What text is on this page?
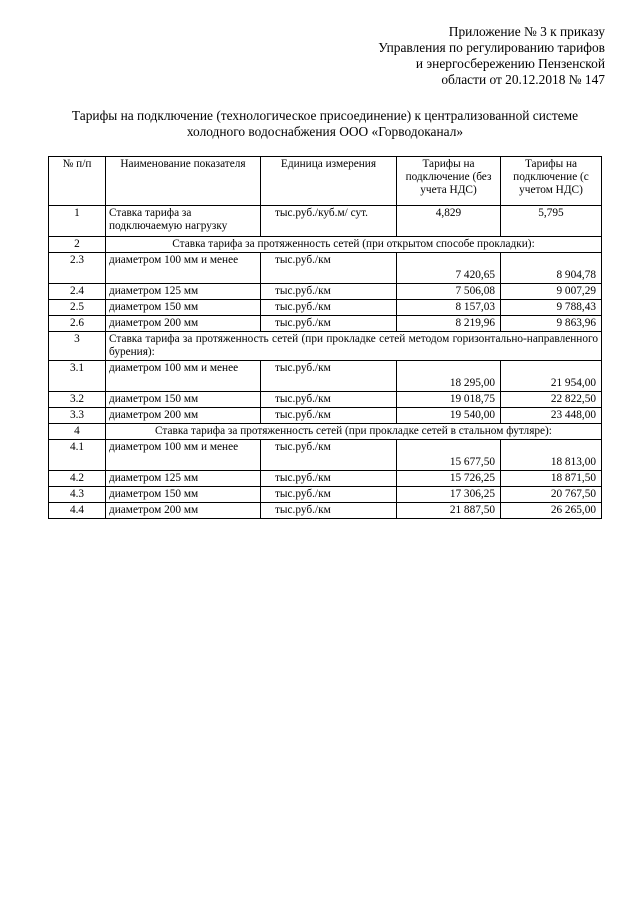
Приложение № 3 к приказу
Управления по регулированию тарифов
и энергосбережению Пензенской
области от 20.12.2018 № 147
Тарифы на подключение (технологическое присоединение) к централизованной системе
холодного водоснабжения ООО «Горводоканал»
№ п/п	Наименование показателя	Единица измерения	Тарифы на подключение (без учета НДС)	Тарифы на подключение (с учетом НДС)
1	Ставка тарифа за подключаемую нагрузку	тыс.руб./куб.м/ сут.	4,829	5,795
2	Ставка тарифа за протяженность сетей (при открытом способе прокладки):			
2.3	диаметром 100 мм и менее	тыс.руб./км	7 420,65	8 904,78
2.4	диаметром 125 мм	тыс.руб./км	7 506,08	9 007,29
2.5	диаметром 150 мм	тыс.руб./км	8 157,03	9 788,43
2.6	диаметром 200 мм	тыс.руб./км	8 219,96	9 863,96
3	Ставка тарифа за протяженность сетей (при прокладке сетей методом горизонтально-направленного бурения):			
3.1	диаметром 100 мм и менее	тыс.руб./км	18 295,00	21 954,00
3.2	диаметром 150 мм	тыс.руб./км	19 018,75	22 822,50
3.3	диаметром 200 мм	тыс.руб./км	19 540,00	23 448,00
4	Ставка тарифа за протяженность сетей (при прокладке сетей в стальном футляре):			
4.1	диаметром 100 мм и менее	тыс.руб./км	15 677,50	18 813,00
4.2	диаметром 125 мм	тыс.руб./км	15 726,25	18 871,50
4.3	диаметром 150 мм	тыс.руб./км	17 306,25	20 767,50
4.4	диаметром 200 мм	тыс.руб./км	21 887,50	26 265,00
